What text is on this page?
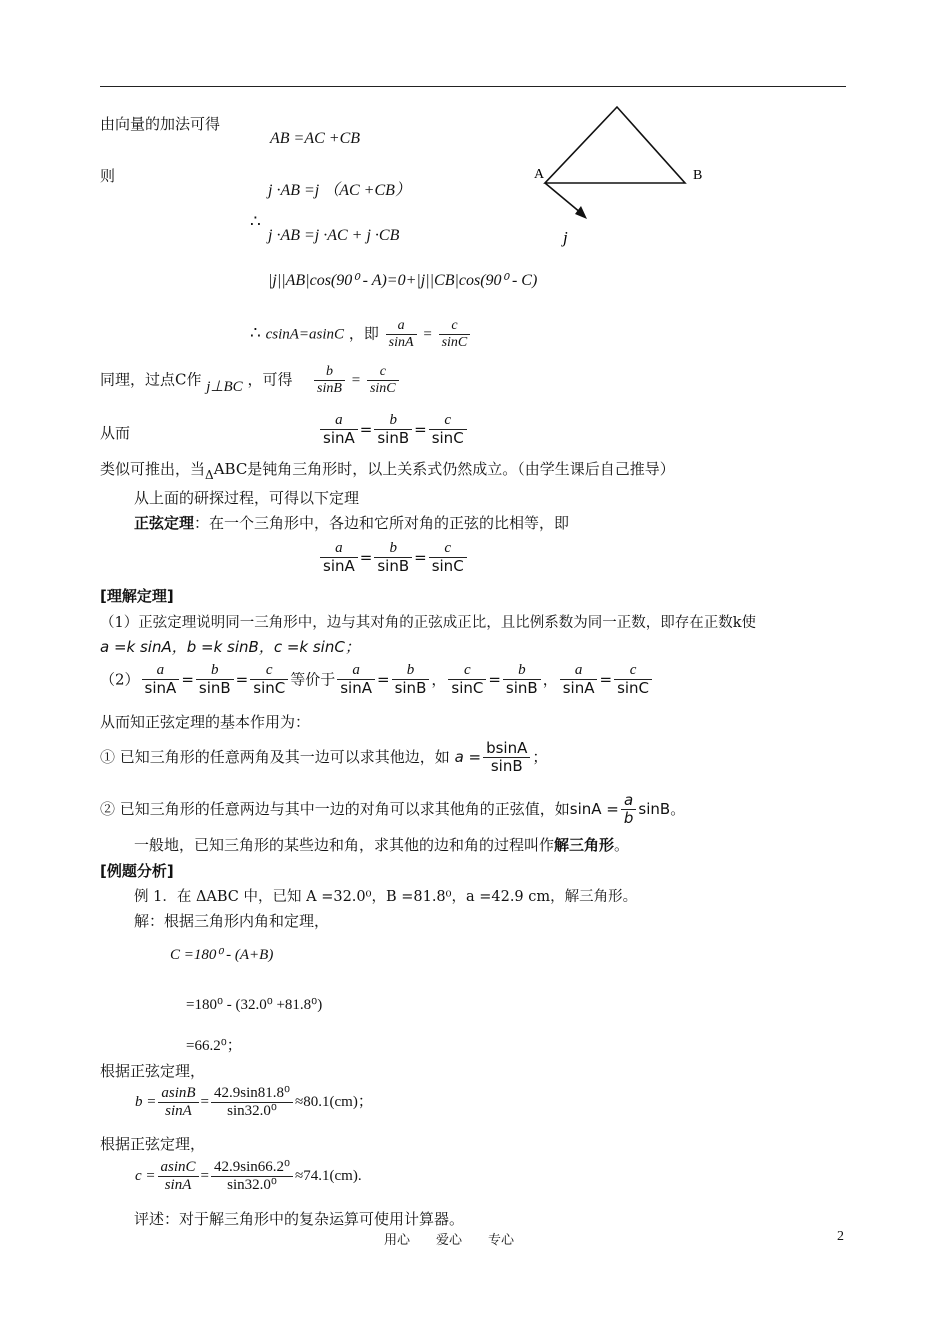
由向量的加法可得
AB =AC +CB
则
j ·AB =j （AC +CB）
∴
j ·AB =j ·AC + j ·CB
|j||AB|cos(90⁰ - A)=0+|j||CB|cos(90⁰ - C)
∴ csinA=asinC ，即 $\frac{a}{\sin A} = \frac{c}{\sin C}$
同理，过点C作 j⊥BC ，可得 $\frac{b}{\sin B} = \frac{c}{\sin C}$
从而	$\frac{a}{\sin A} = \frac{b}{\sin B} = \frac{c}{\sin C}$
类似可推出，当$_\Delta$ABC是钝角三角形时，以上关系式仍然成立。（由学生课后自己推导）
从上面的研探过程，可得以下定理
正弦定理：在一个三角形中，各边和它所对角的正弦的比相等，即
$\frac{a}{\sin A} = \frac{b}{\sin B} = \frac{c}{\sin C}$
A	B
j
[理解定理]
（1）正弦定理说明同一三角形中，边与其对角的正弦成正比，且比例系数为同一正数，即存在正数k使
a =k sinA，b =k sinB，c =k sinC；
$(2) \frac{a}{\sin A} = \frac{b}{\sin B} = \frac{c}{\sin C}$ 等价于 $\frac{a}{\sin A} = \frac{b}{\sin B}$ ， $\frac{c}{\sin C} = \frac{b}{\sin B}$ ， $\frac{a}{\sin A} = \frac{c}{\sin C}$
从而知正弦定理的基本作用为：
① 已知三角形的任意两角及其一边可以求其他边，如 $a = \frac{bsinA}{\sin B}$ ；
② 已知三角形的任意两边与其中一边的对角可以求其他角的正弦值，如$\sin A = \frac{a}{b}$ sinB。
一般地，已知三角形的某些边和角，求其他的边和角的过程叫作解三角形。
[例题分析]
例 1．在 ΔABC 中，已知 A =32.0⁰，B =81.8⁰，a =42.9 cm，解三角形。
解：根据三角形内角和定理，
C =180⁰ - (A+B)
=180⁰ - (32.0⁰ +81.8⁰)
=66.2⁰；
根据正弦定理，
$b = \frac{asinB}{\sin A} = \frac{\text{42.9sin81.8⁰}}{\text{sin32.0⁰}} \approx 80.1(cm)$；
根据正弦定理，
$c = \frac{asinC}{\sin A} = \frac{\text{42.9sin66.2⁰}}{\text{sin32.0⁰}} \approx 74.1(cm)$.
评述：对于解三角形中的复杂运算可使用计算器。
用心　　爱心　　专心	2
